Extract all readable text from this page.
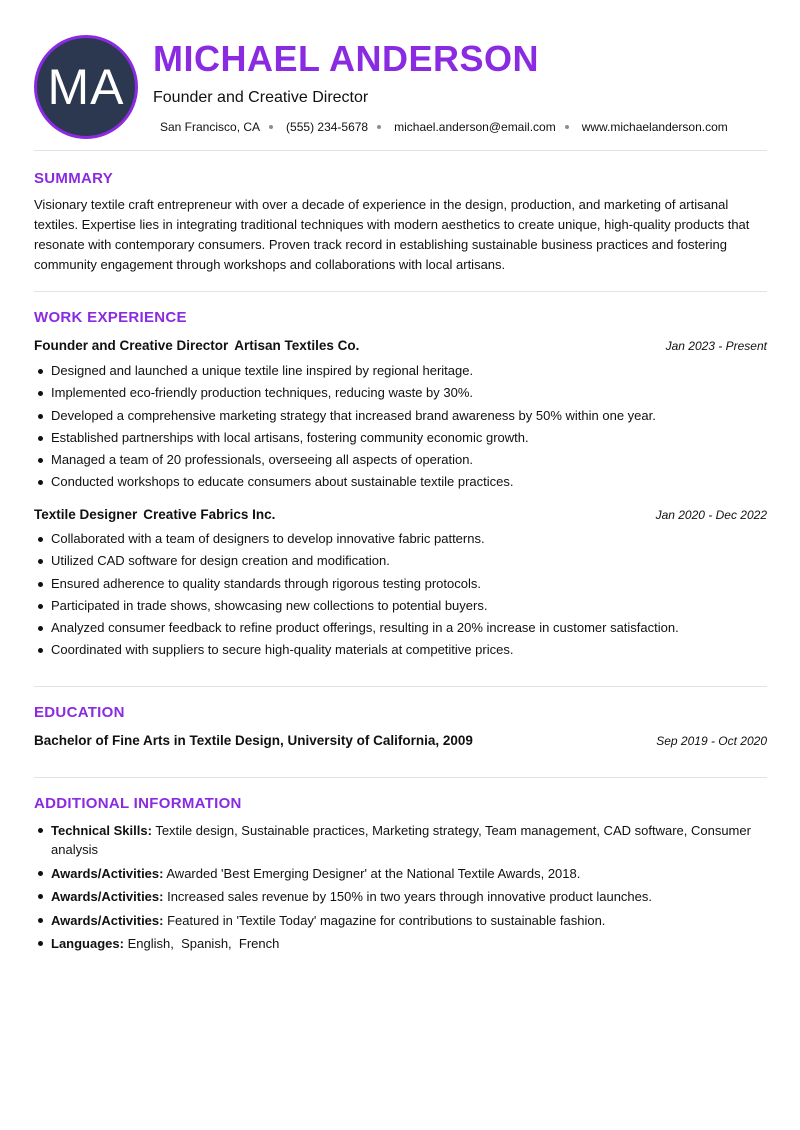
MA
MICHAEL ANDERSON
Founder and Creative Director
San Francisco, CA (555) 234-5678 michael.anderson@email.com www.michaelanderson.com
SUMMARY

Visionary textile craft entrepreneur with over a decade of experience in the design, production, and marketing of artisanal textiles. Expertise lies in integrating traditional techniques with modern aesthetics to create unique, high-quality products that resonate with contemporary consumers. Proven track record in establishing sustainable business practices and fostering community engagement through workshops and collaborations with local artisans.

WORK EXPERIENCE
Founder and Creative Director Artisan Textiles Co.	Jan 2023 - Present
Designed and launched a unique textile line inspired by regional heritage.
Implemented eco-friendly production techniques, reducing waste by 30%.
Developed a comprehensive marketing strategy that increased brand awareness by 50% within one year.
Established partnerships with local artisans, fostering community economic growth.
Managed a team of 20 professionals, overseeing all aspects of operation.
Conducted workshops to educate consumers about sustainable textile practices.
Textile Designer Creative Fabrics Inc.	Jan 2020 - Dec 2022
Collaborated with a team of designers to develop innovative fabric patterns.
Utilized CAD software for design creation and modification.
Ensured adherence to quality standards through rigorous testing protocols.
Participated in trade shows, showcasing new collections to potential buyers.
Analyzed consumer feedback to refine product offerings, resulting in a 20% increase in customer satisfaction.
Coordinated with suppliers to secure high-quality materials at competitive prices.
EDUCATION
Bachelor of Fine Arts in Textile Design, University of California, 2009	Sep 2019 - Oct 2020
ADDITIONAL INFORMATION
Technical Skills: Textile design, Sustainable practices, Marketing strategy, Team management, CAD software, Consumer analysis
Awards/Activities: Awarded 'Best Emerging Designer' at the National Textile Awards, 2018.
Awards/Activities: Increased sales revenue by 150% in two years through innovative product launches.
Awards/Activities: Featured in 'Textile Today' magazine for contributions to sustainable fashion.
Languages: English,  Spanish,  French
